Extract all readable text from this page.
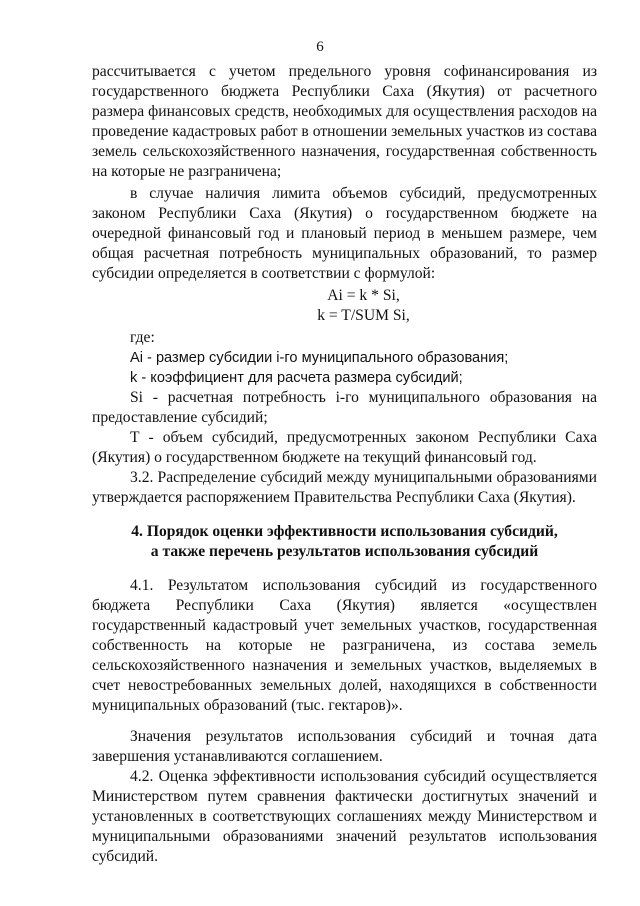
6

рассчитывается с учетом предельного уровня софинансирования из государственного бюджета Республики Саха (Якутия) от расчетного размера финансовых средств, необходимых для осуществления расходов на проведение кадастровых работ в отношении земельных участков из состава земель сельскохозяйственного назначения, государственная собственность на которые не разграничена;

в случае наличия лимита объемов субсидий, предусмотренных законом Республики Саха (Якутия) о государственном бюджете на очередной финансовый год и плановый период в меньшем размере, чем общая расчетная потребность муниципальных образований, то размер субсидии определяется в соответствии с формулой:

Ai = k * Si,

k = T/SUM Si,

где:

Ai - размер субсидии i-го муниципального образования;

k - коэффициент для расчета размера субсидий;

Si - расчетная потребность i-го муниципального образования на предоставление субсидий;

Т - объем субсидий, предусмотренных законом Республики Саха (Якутия) о государственном бюджете на текущий финансовый год.

3.2. Распределение субсидий между муниципальными образованиями утверждается распоряжением Правительства Республики Саха (Якутия).

4. Порядок оценки эффективности использования субсидий,

а также перечень результатов использования субсидий

4.1. Результатом использования субсидий из государственного бюджета Республики Саха (Якутия) является «осуществлен государственный кадастровый учет земельных участков, государственная собственность на которые не разграничена, из состава земель сельскохозяйственного назначения и земельных участков, выделяемых в счет невостребованных земельных долей, находящихся в собственности муниципальных образований (тыс. гектаров)».

Значения результатов использования субсидий и точная дата завершения устанавливаются соглашением.

4.2. Оценка эффективности использования субсидий осуществляется Министерством путем сравнения фактически достигнутых значений и установленных в соответствующих соглашениях между Министерством и муниципальными образованиями значений результатов использования субсидий.
